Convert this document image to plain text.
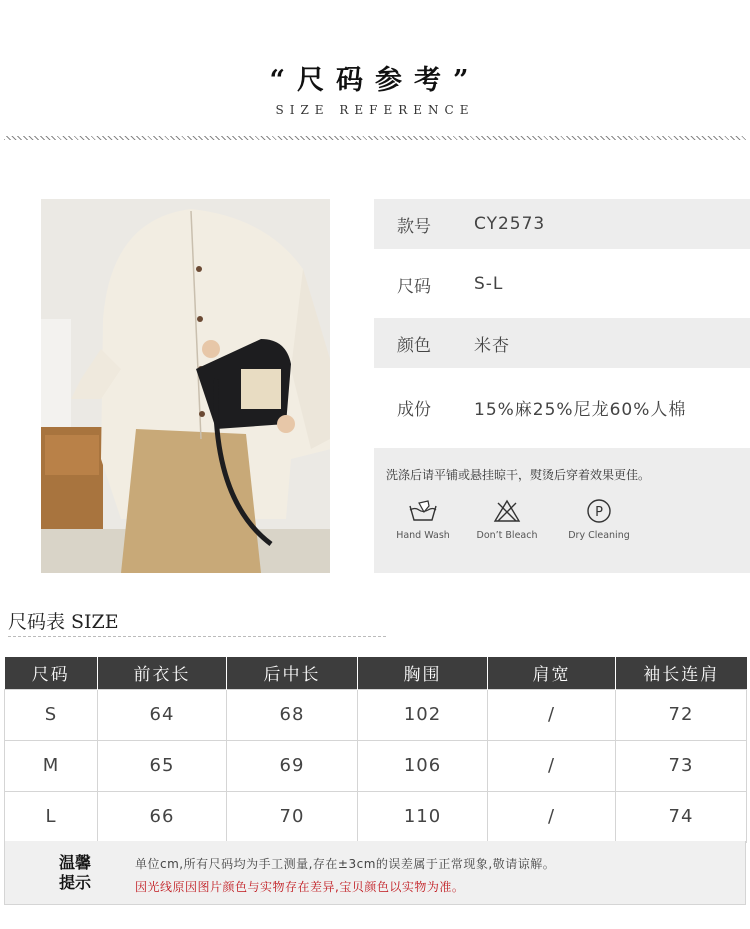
“尺码参考”
SIZE REFERENCE
款号	CY2573
尺码	S-L
颜色	米杏
成份	15%麻25%尼龙60%人棉
洗涤后请平铺或悬挂晾干，熨烫后穿着效果更佳。
Hand Wash	Don’t Bleach
P
Dry Cleaning
尺码表 SIZE
尺码	前衣长	后中长	胸围	肩宽	袖长连肩
S	64	68	102	/	72
M	65	69	106	/	73
L	66	70	110	/	74
温馨提示
单位cm,所有尺码均为手工测量,存在±3cm的误差属于正常现象,敬请谅解。
因光线原因图片颜色与实物存在差异,宝贝颜色以实物为准。
